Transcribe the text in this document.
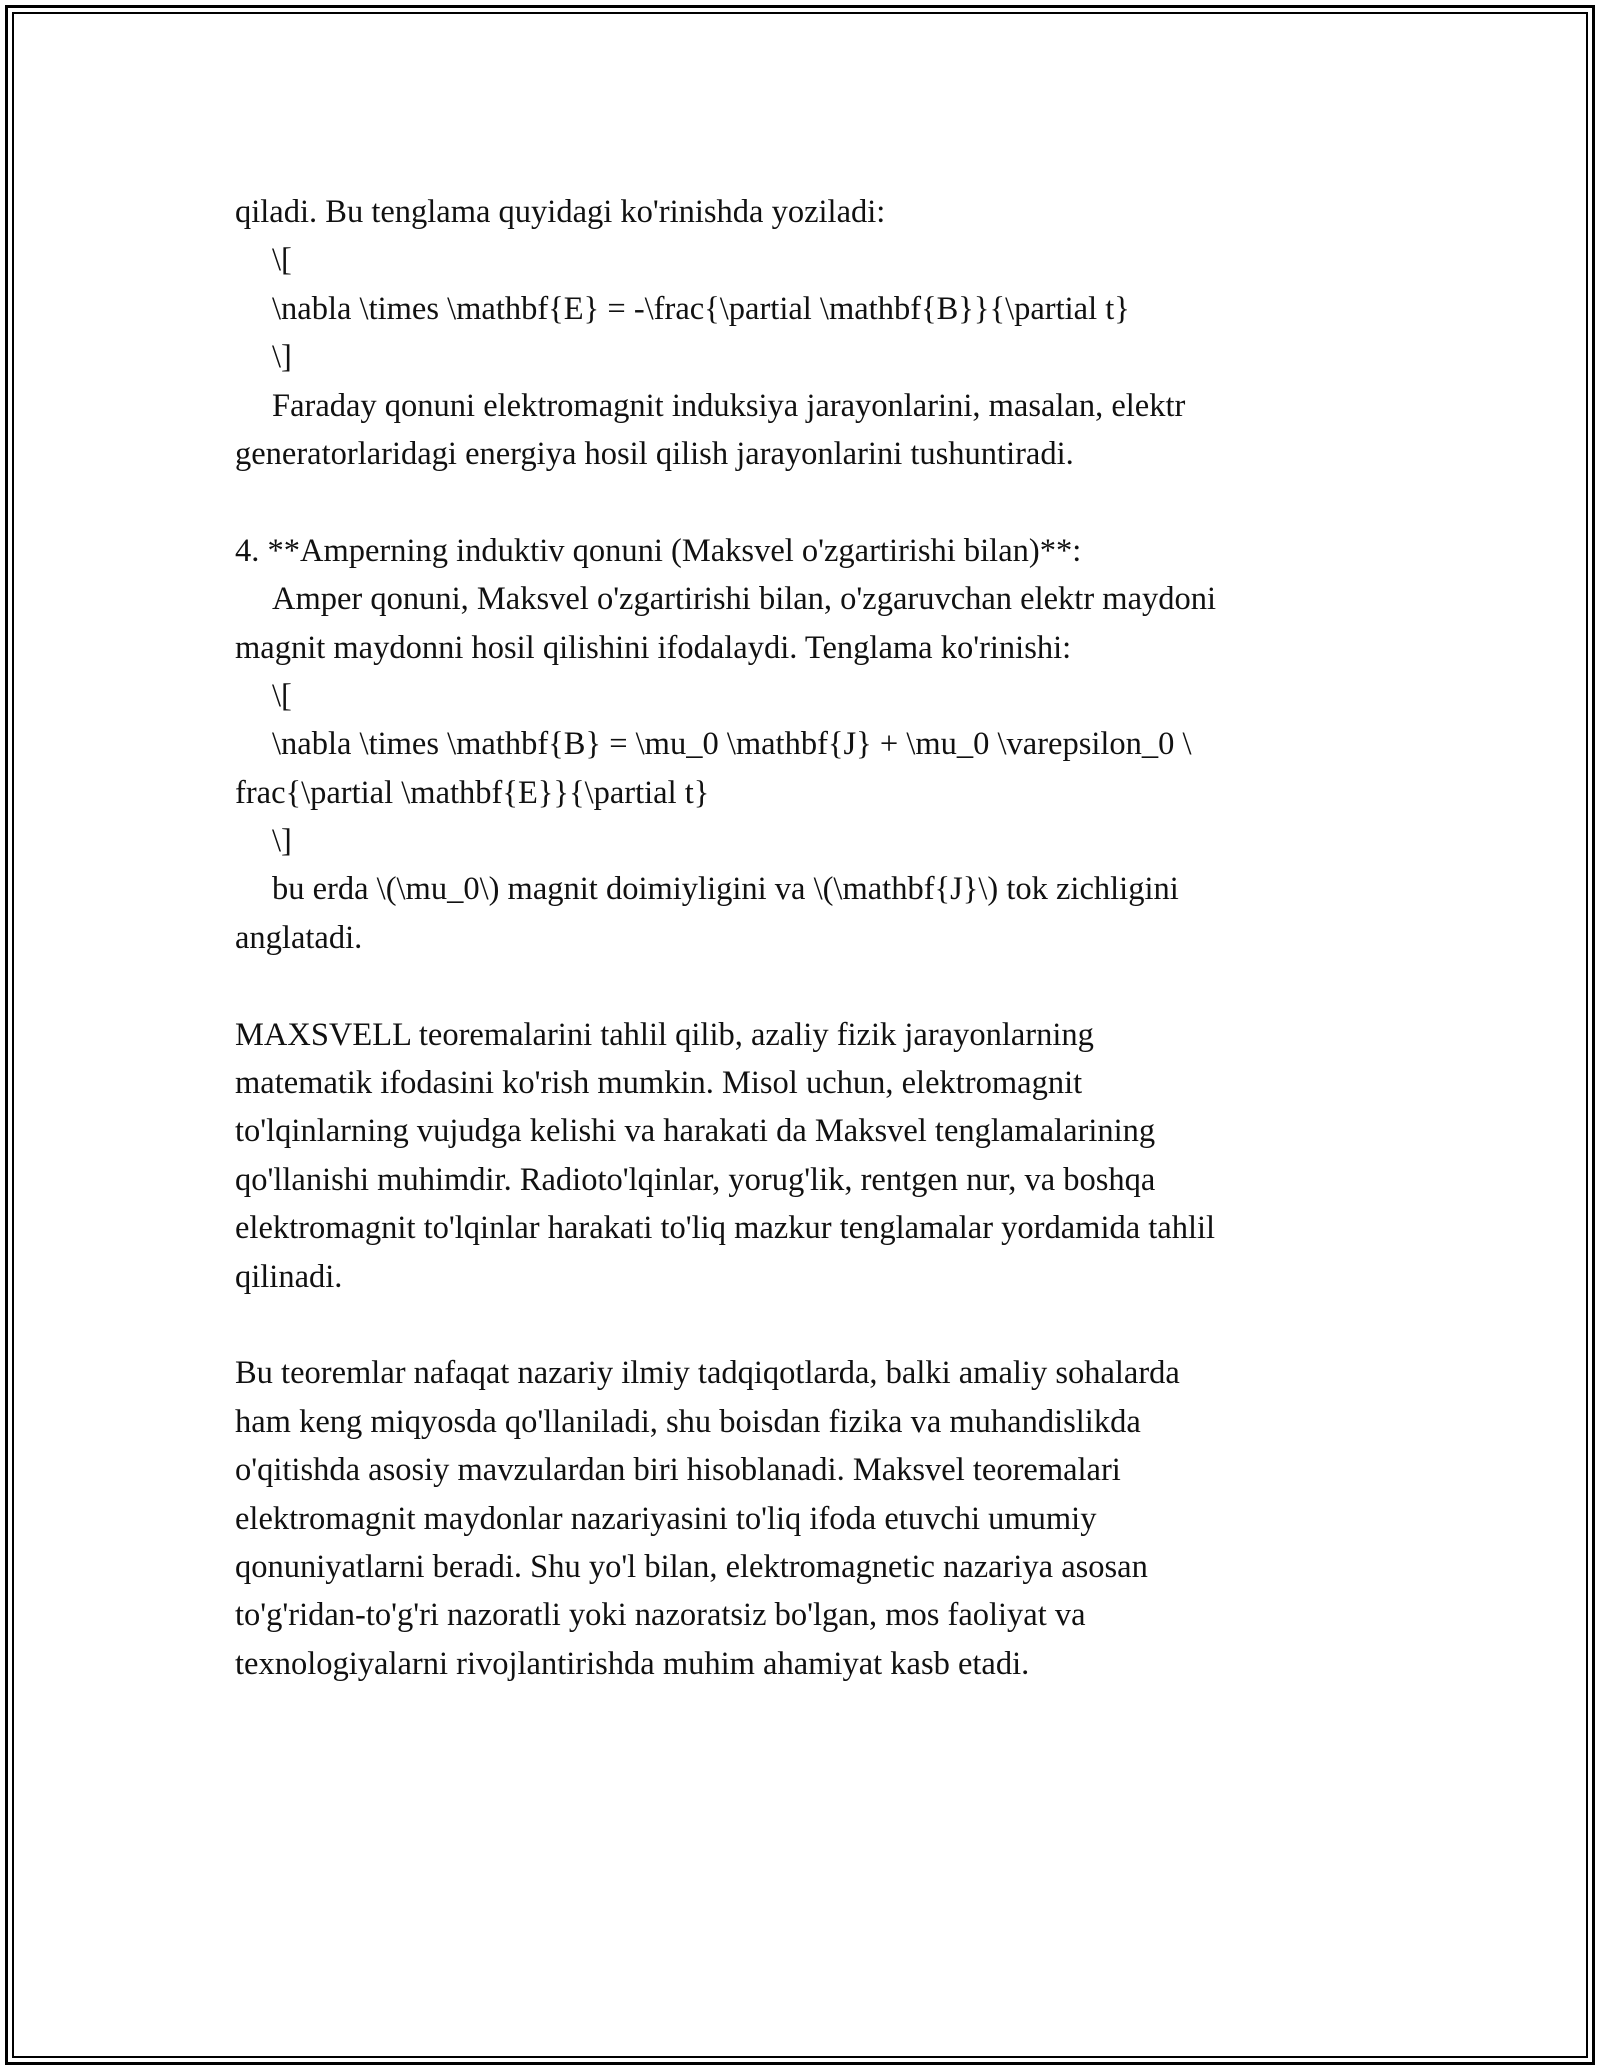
qiladi. Bu tenglama quyidagi ko'rinishda yoziladi:
\[
\nabla \times \mathbf{E} = -\frac{\partial \mathbf{B}}{\partial t}
\]
Faraday qonuni elektromagnit induksiya jarayonlarini, masalan, elektr
generatorlaridagi energiya hosil qilish jarayonlarini tushuntiradi.
4. **Amperning induktiv qonuni (Maksvel o'zgartirishi bilan)**:
Amper qonuni, Maksvel o'zgartirishi bilan, o'zgaruvchan elektr maydoni
magnit maydonni hosil qilishini ifodalaydi. Tenglama ko'rinishi:
\[
\nabla \times \mathbf{B} = \mu_0 \mathbf{J} + \mu_0 \varepsilon_0 \
frac{\partial \mathbf{E}}{\partial t}
\]
bu erda \(\mu_0\) magnit doimiyligini va \(\mathbf{J}\) tok zichligini
anglatadi.
MAXSVELL teoremalarini tahlil qilib, azaliy fizik jarayonlarning
matematik ifodasini ko'rish mumkin. Misol uchun, elektromagnit
to'lqinlarning vujudga kelishi va harakati da Maksvel tenglamalarining
qo'llanishi muhimdir. Radioto'lqinlar, yorug'lik, rentgen nur, va boshqa
elektromagnit to'lqinlar harakati to'liq mazkur tenglamalar yordamida tahlil
qilinadi.
Bu teoremlar nafaqat nazariy ilmiy tadqiqotlarda, balki amaliy sohalarda
ham keng miqyosda qo'llaniladi, shu boisdan fizika va muhandislikda
o'qitishda asosiy mavzulardan biri hisoblanadi. Maksvel teoremalari
elektromagnit maydonlar nazariyasini to'liq ifoda etuvchi umumiy
qonuniyatlarni beradi. Shu yo'l bilan, elektromagnetic nazariya asosan
to'g'ridan-to'g'ri nazoratli yoki nazoratsiz bo'lgan, mos faoliyat va
texnologiyalarni rivojlantirishda muhim ahamiyat kasb etadi.
